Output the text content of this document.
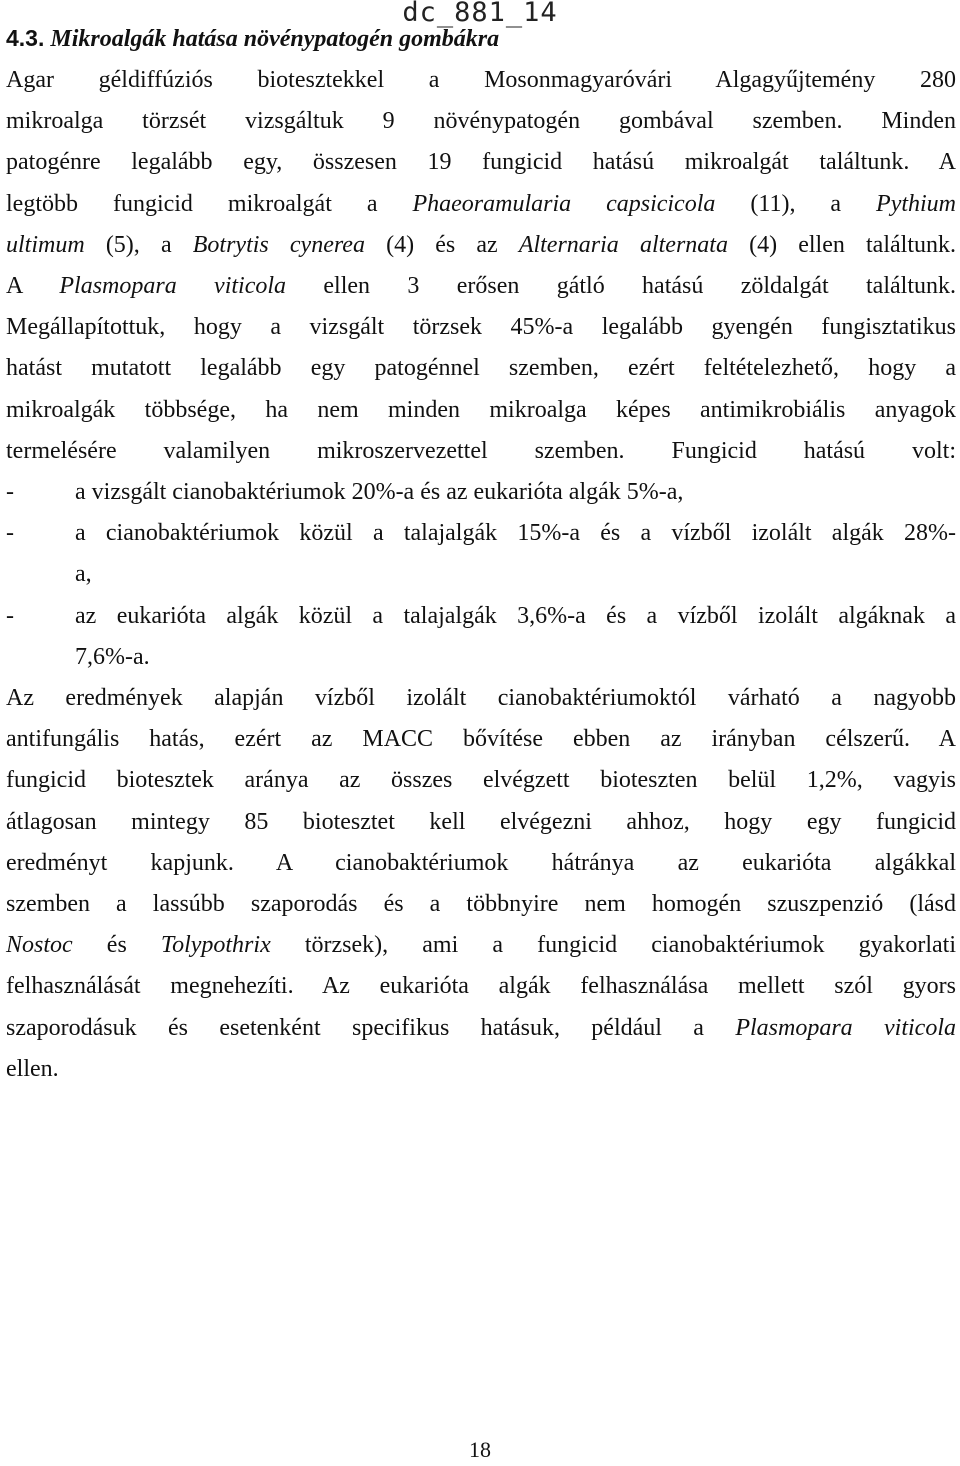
dc_881_14
4.3. Mikroalgák hatása növénypatogén gombákra

Agar géldiffúziós biotesztekkel a Mosonmagyaróvári Algagyűjtemény 280
mikroalga törzsét vizsgáltuk 9 növénypatogén gombával szemben. Minden
patogénre legalább egy, összesen 19 fungicid hatású mikroalgát találtunk. A
legtöbb fungicid mikroalgát a Phaeoramularia capsicicola (11), a Pythium
ultimum (5), a Botrytis cynerea (4) és az Alternaria alternata (4) ellen találtunk.
A Plasmopara viticola ellen 3 erősen gátló hatású zöldalgát találtunk.
Megállapítottuk, hogy a vizsgált törzsek 45%-a legalább gyengén fungisztatikus
hatást mutatott legalább egy patogénnel szemben, ezért feltételezhető, hogy a
mikroalgák többsége, ha nem minden mikroalga képes antimikrobiális anyagok
termelésére valamilyen mikroszervezettel szemben. Fungicid hatású volt:

-	a vizsgált cianobaktériumok 20%-a és az eukarióta algák 5%-a,
-	a cianobaktériumok közül a talajalgák 15%-a és a vízből izolált algák 28%-
a,
-	az eukarióta algák közül a talajalgák 3,6%-a és a vízből izolált algáknak a
7,6%-a.

Az eredmények alapján vízből izolált cianobaktériumoktól várható a nagyobb
antifungális hatás, ezért az MACC bővítése ebben az irányban célszerű. A
fungicid biotesztek aránya az összes elvégzett bioteszten belül 1,2%, vagyis
átlagosan mintegy 85 biotesztet kell elvégezni ahhoz, hogy egy fungicid
eredményt kapjunk. A cianobaktériumok hátránya az eukarióta algákkal
szemben a lassúbb szaporodás és a többnyire nem homogén szuszpenzió (lásd
Nostoc és Tolypothrix törzsek), ami a fungicid cianobaktériumok gyakorlati
felhasználását megnehezíti. Az eukarióta algák felhasználása mellett szól gyors
szaporodásuk és esetenként specifikus hatásuk, például a Plasmopara viticola
ellen.

18
